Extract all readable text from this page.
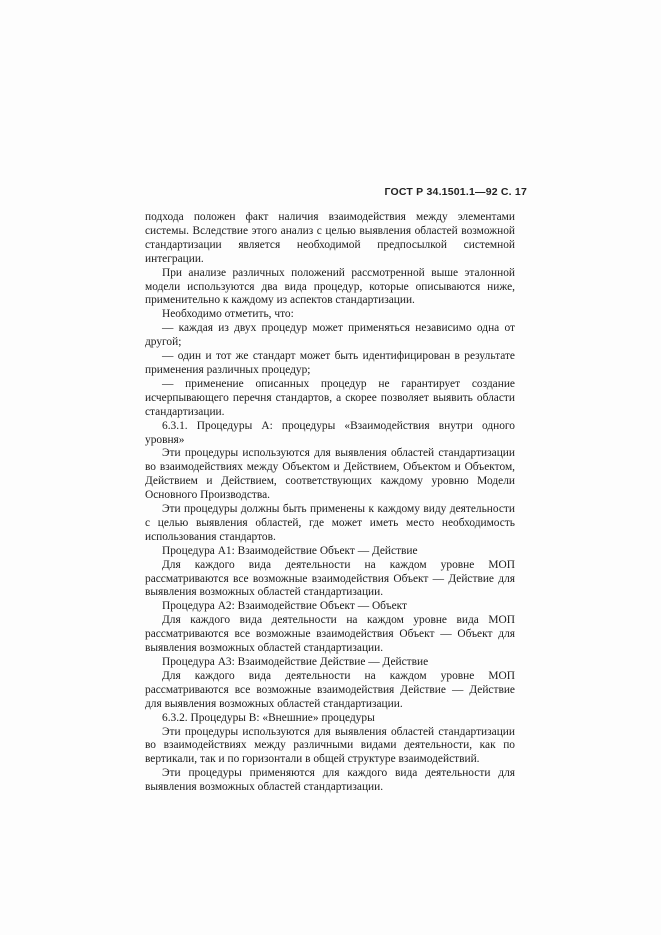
ГОСТ Р 34.1501.1—92 С. 17

подхода положен факт наличия взаимодействия между элементами системы. Вследствие этого анализ с целью выявления областей возможной стандартизации является необходимой предпосылкой системной интеграции.

При анализе различных положений рассмотренной выше эталонной модели используются два вида процедур, которые описываются ниже, применительно к каждому из аспектов стандартизации.

Необходимо отметить, что:

— каждая из двух процедур может применяться независимо одна от другой;

— один и тот же стандарт может быть идентифицирован в результате применения различных процедур;

— применение описанных процедур не гарантирует создание исчерпывающего перечня стандартов, а скорее позволяет выявить области стандартизации.

6.3.1. Процедуры А: процедуры «Взаимодействия внутри одного уровня»

Эти процедуры используются для выявления областей стандартизации во взаимодействиях между Объектом и Действием, Объектом и Объектом, Действием и Действием, соответствующих каждому уровню Модели Основного Производства.

Эти процедуры должны быть применены к каждому виду деятельности с целью выявления областей, где может иметь место необходимость использования стандартов.

Процедура А1: Взаимодействие Объект — Действие

Для каждого вида деятельности на каждом уровне МОП рассматриваются все возможные взаимодействия Объект — Действие для выявления возможных областей стандартизации.

Процедура А2: Взаимодействие Объект — Объект

Для каждого вида деятельности на каждом уровне вида МОП рассматриваются все возможные взаимодействия Объект — Объект для выявления возможных областей стандартизации.

Процедура А3: Взаимодействие Действие — Действие

Для каждого вида деятельности на каждом уровне МОП рассматриваются все возможные взаимодействия Действие — Действие для выявления возможных областей стандартизации.

6.3.2. Процедуры В: «Внешние» процедуры

Эти процедуры используются для выявления областей стандартизации во взаимодействиях между различными видами деятельности, как по вертикали, так и по горизонтали в общей структуре взаимодействий.

Эти процедуры применяются для каждого вида деятельности для выявления возможных областей стандартизации.
